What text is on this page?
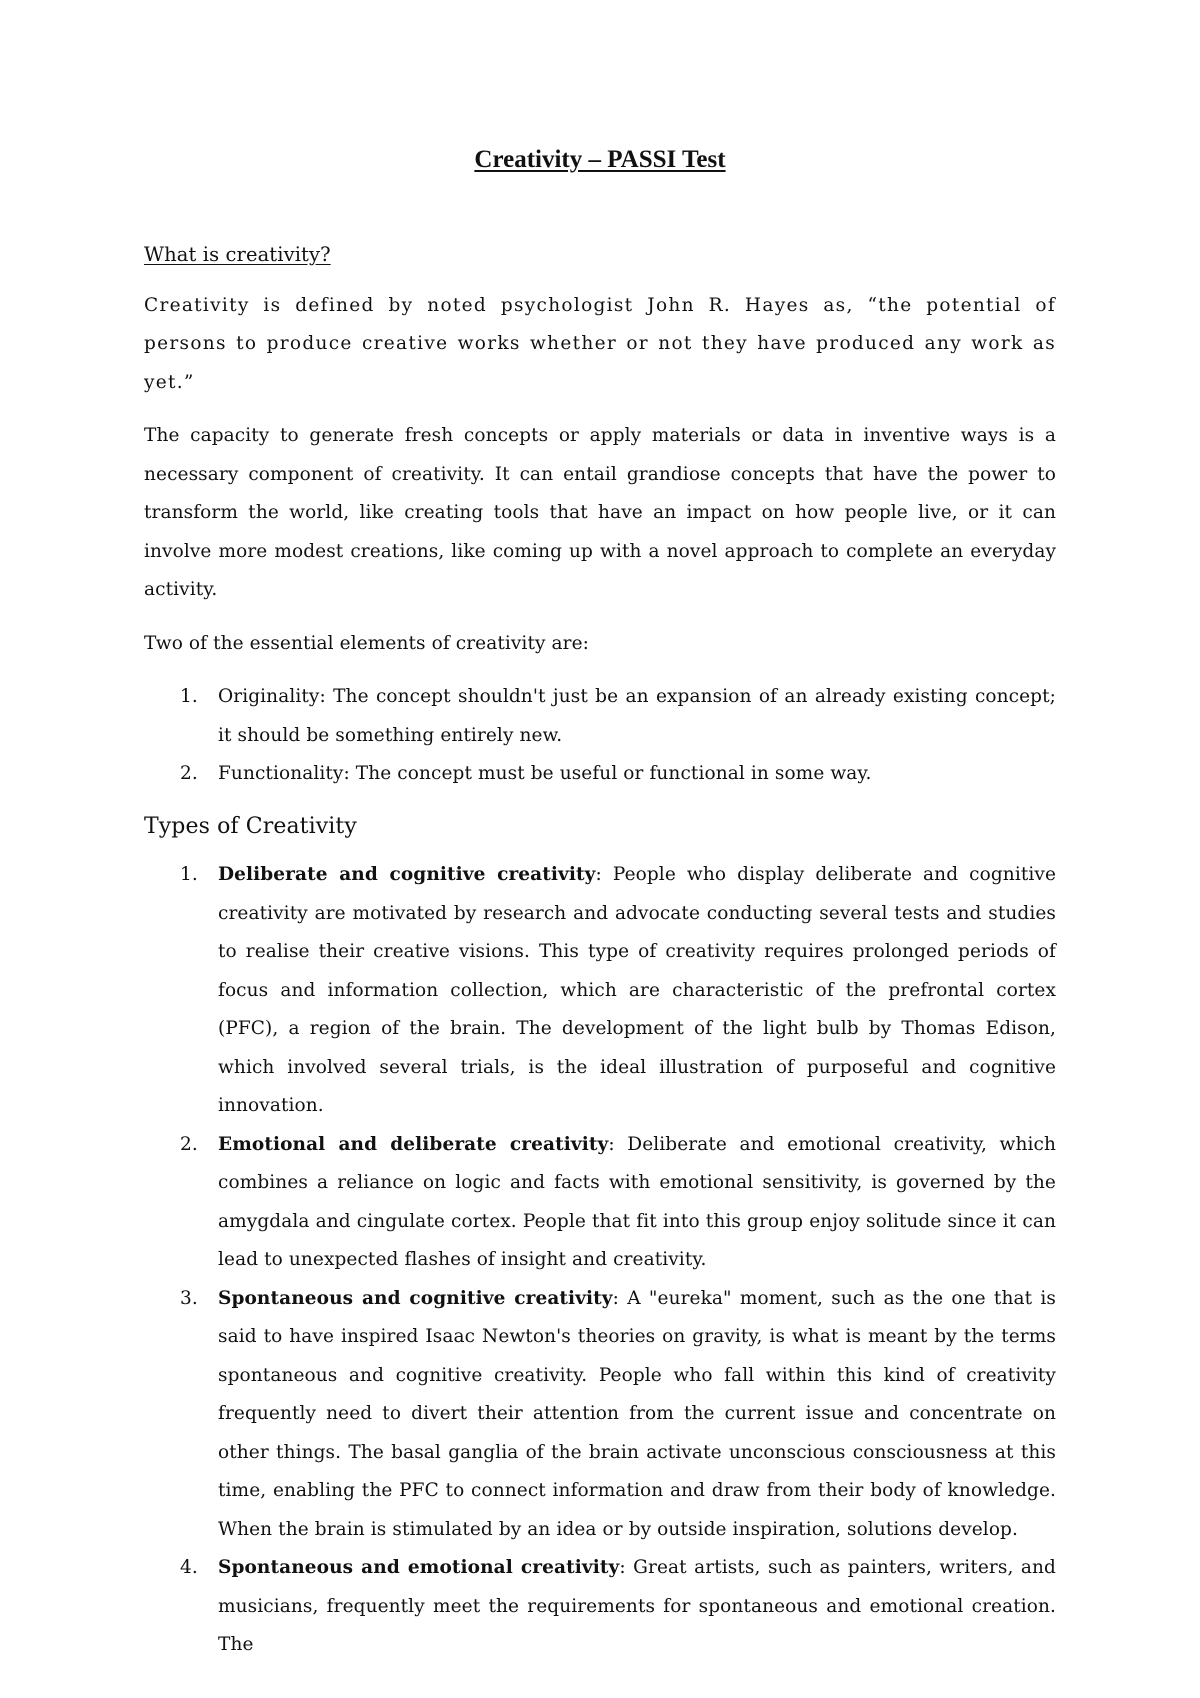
Creativity – PASSI Test
What is creativity?

Creativity is defined by noted psychologist John R. Hayes as, “the potential of persons to produce creative works whether or not they have produced any work as yet.”

The capacity to generate fresh concepts or apply materials or data in inventive ways is a necessary component of creativity. It can entail grandiose concepts that have the power to transform the world, like creating tools that have an impact on how people live, or it can involve more modest creations, like coming up with a novel approach to complete an everyday activity.

Two of the essential elements of creativity are:

1. Originality: The concept shouldn't just be an expansion of an already existing concept; it should be something entirely new.
2. Functionality: The concept must be useful or functional in some way.
Types of Creativity
1. Deliberate and cognitive creativity: People who display deliberate and cognitive creativity are motivated by research and advocate conducting several tests and studies to realise their creative visions. This type of creativity requires prolonged periods of focus and information collection, which are characteristic of the prefrontal cortex (PFC), a region of the brain. The development of the light bulb by Thomas Edison, which involved several trials, is the ideal illustration of purposeful and cognitive innovation.
2. Emotional and deliberate creativity: Deliberate and emotional creativity, which combines a reliance on logic and facts with emotional sensitivity, is governed by the amygdala and cingulate cortex. People that fit into this group enjoy solitude since it can lead to unexpected flashes of insight and creativity.
3. Spontaneous and cognitive creativity: A "eureka" moment, such as the one that is said to have inspired Isaac Newton's theories on gravity, is what is meant by the terms spontaneous and cognitive creativity. People who fall within this kind of creativity frequently need to divert their attention from the current issue and concentrate on other things. The basal ganglia of the brain activate unconscious consciousness at this time, enabling the PFC to connect information and draw from their body of knowledge. When the brain is stimulated by an idea or by outside inspiration, solutions develop.
4. Spontaneous and emotional creativity: Great artists, such as painters, writers, and musicians, frequently meet the requirements for spontaneous and emotional creation. The
